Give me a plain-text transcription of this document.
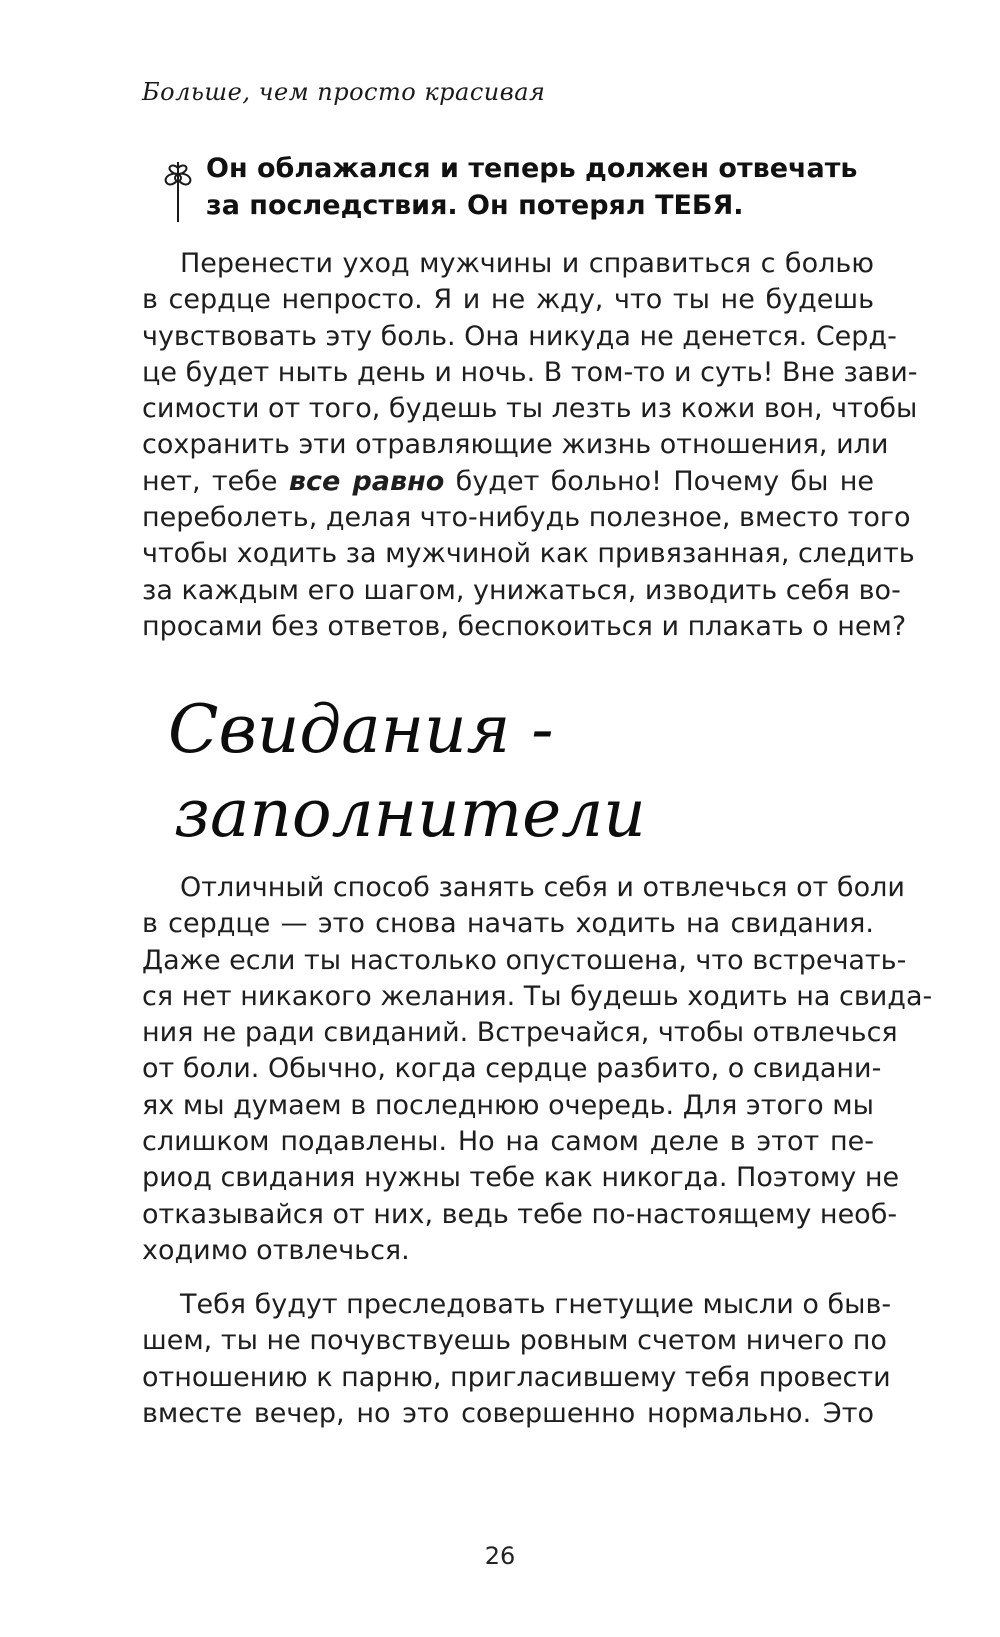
Больше, чем просто красивая
Он облажался и теперь должен отвечать
за последствия. Он потерял ТЕБЯ.
Перенести уход мужчины и справиться с болью
в сердце непросто. Я и не жду, что ты не будешь
чувствовать эту боль. Она никуда не денется. Серд-
це будет ныть день и ночь. В том-то и суть! Вне зави-
симости от того, будешь ты лезть из кожи вон, чтобы
сохранить эти отравляющие жизнь отношения, или
нет, тебе все равно будет больно! Почему бы не
переболеть, делая что-нибудь полезное, вместо того
чтобы ходить за мужчиной как привязанная, следить
за каждым его шагом, унижаться, изводить себя во-
просами без ответов, беспокоиться и плакать о нем?
Свидания -
заполнители
Отличный способ занять себя и отвлечься от боли
в сердце — это снова начать ходить на свидания.
Даже если ты настолько опустошена, что встречать-
ся нет никакого желания. Ты будешь ходить на свида-
ния не ради свиданий. Встречайся, чтобы отвлечься
от боли. Обычно, когда сердце разбито, о свидани-
ях мы думаем в последнюю очередь. Для этого мы
слишком подавлены. Но на самом деле в этот пе-
риод свидания нужны тебе как никогда. Поэтому не
отказывайся от них, ведь тебе по-настоящему необ-
ходимо отвлечься.
Тебя будут преследовать гнетущие мысли о быв-
шем, ты не почувствуешь ровным счетом ничего по
отношению к парню, пригласившему тебя провести
вместе вечер, но это совершенно нормально. Это
26
